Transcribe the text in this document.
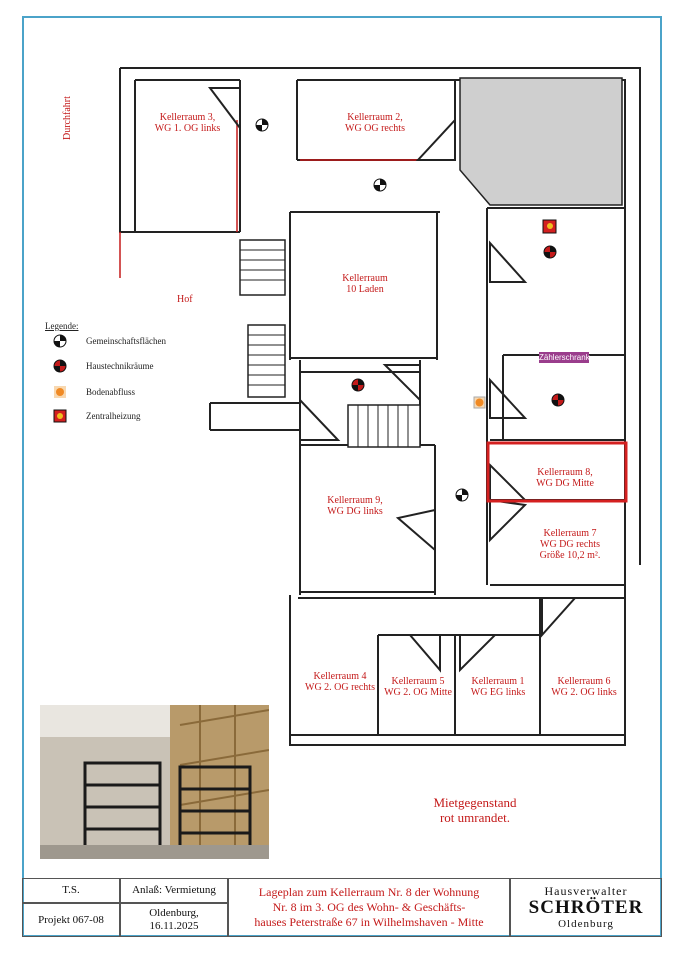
Kellerraum 3,
WG 1. OG links
Kellerraum 2,
WG OG rechts
Kellerraum
10 Laden
Kellerraum 8,
WG DG Mitte
Kellerraum 9,
WG DG links
Kellerraum 7
WG DG rechts
Größe 10,2 m².
Kellerraum 4
WG 2. OG rechts
Kellerraum 5
WG 2. OG Mitte
Kellerraum 1
WG EG links
Kellerraum 6
WG 2. OG links
Durchfahrt
Hof
Zählerschrank
Legende:
Gemeinschaftsflächen
Haustechnikräume
Bodenabfluss
Zentralheizung
Mietgegenstand
rot umrandet.
T.S.
Projekt 067-08
Anlaß: Vermietung
Oldenburg,
16.11.2025
Lageplan zum Kellerraum Nr. 8 der Wohnung
Nr. 8 im 3. OG des Wohn- & Geschäfts-
hauses Peterstraße 67 in Wilhelmshaven - Mitte
Hausverwalter
SCHRÖTER
Oldenburg
